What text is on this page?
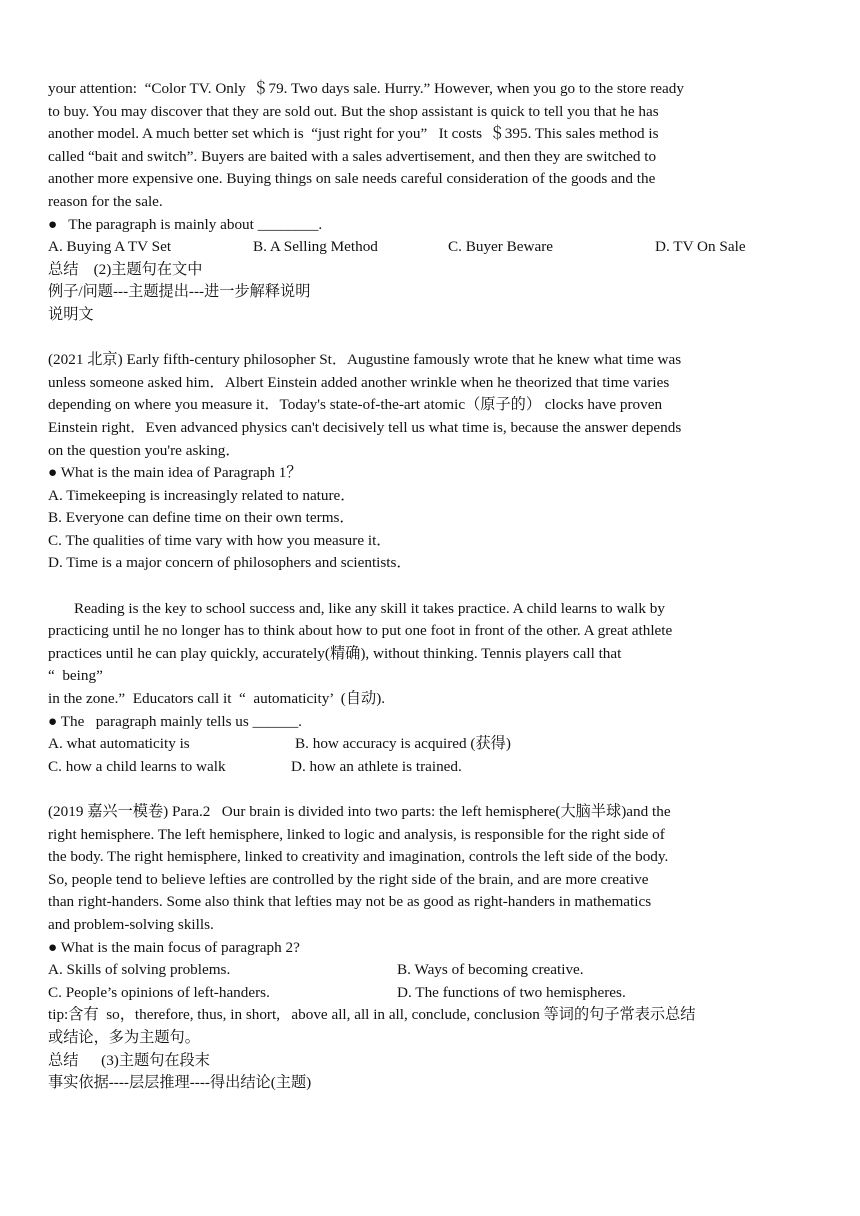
your attention:  “Color TV. Only  ＄79. Two days sale. Hurry.” However, when you go to the store ready
to buy. You may discover that they are sold out. But the shop assistant is quick to tell you that he has
another model. A much better set which is  “just right for you”   It costs  ＄395. This sales method is
called “bait and switch”. Buyers are baited with a sales advertisement, and then they are switched to
another more expensive one. Buying things on sale needs careful consideration of the goods and the
reason for the sale.
●   The paragraph is mainly about ________.
A. Buying A TV Set	B. A Selling Method	C. Buyer Beware	D. TV On Sale
总结    (2)主题句在文中
例子/问题---主题提出---进一步解释说明
说明文
(2021 北京) Early fifth-century philosopher St．Augustine famously wrote that he knew what time was
unless someone asked him．Albert Einstein added another wrinkle when he theorized that time varies
depending on where you measure it．Today's state-of-the-art atomic（原子的） clocks have proven
Einstein right．Even advanced physics can't decisively tell us what time is, because the answer depends
on the question you're asking．
● What is the main idea of Paragraph 1？
A. Timekeeping is increasingly related to nature．
B. Everyone can define time on their own terms．
C. The qualities of time vary with how you measure it．
D. Time is a major concern of philosophers and scientists．
Reading is the key to school success and, like any skill it takes practice. A child learns to walk by
practicing until he no longer has to think about how to put one foot in front of the other. A great athlete
practices until he can play quickly, accurately(精确), without thinking. Tennis players call that
“  being”
in the zone.”  Educators call it  “  automaticity’  (自动).
● The   paragraph mainly tells us ______.
A. what automaticity is	B. how accuracy is acquired (获得)
C. how a child learns to walk	D. how an athlete is trained.
(2019 嘉兴一模卷) Para.2   Our brain is divided into two parts: the left hemisphere(大脑半球)and the
right hemisphere. The left hemisphere, linked to logic and analysis, is responsible for the right side of
the body. The right hemisphere, linked to creativity and imagination, controls the left side of the body.
So, people tend to believe lefties are controlled by the right side of the brain, and are more creative
than right-handers. Some also think that lefties may not be as good as right-handers in mathematics
and problem-solving skills.
● What is the main focus of paragraph 2?
A. Skills of solving problems.	B. Ways of becoming creative.
C. People’s opinions of left-handers.	D. The functions of two hemispheres.
tip:含有  so，therefore, thus, in short,   above all, all in all, conclude, conclusion 等词的句子常表示总结
或结论，多为主题句。
总结      (3)主题句在段末
事实依据----层层推理----得出结论(主题)
